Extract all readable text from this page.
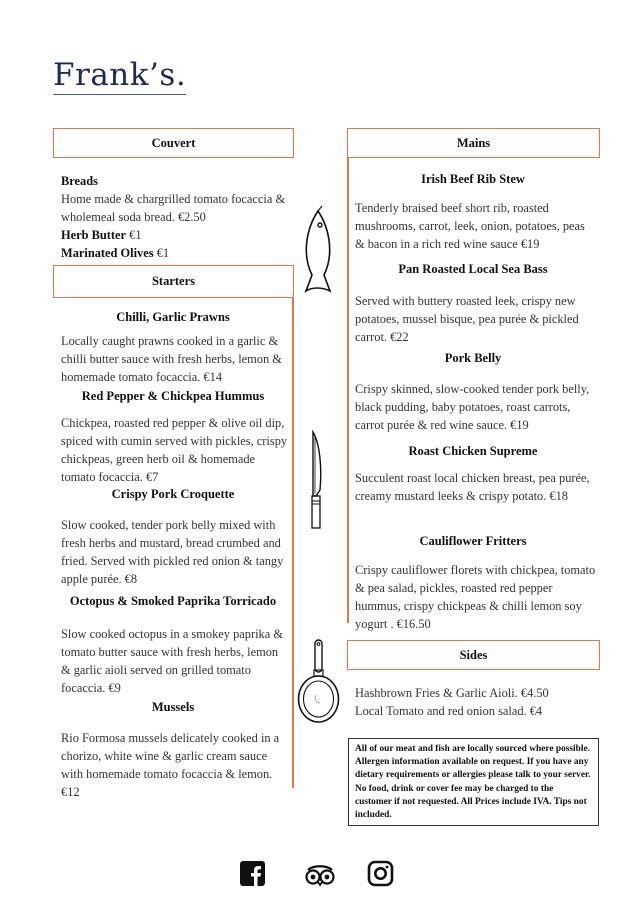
Frank’s.
Couvert
Breads
Home made & chargrilled tomato focaccia & wholemeal soda bread. €2.50
Herb Butter €1
Marinated Olives €1
Starters
Chilli, Garlic Prawns
Locally caught prawns cooked in a garlic & chilli butter sauce with fresh herbs, lemon & homemade tomato focaccia. €14
Red Pepper & Chickpea Hummus
Chickpea, roasted red pepper & olive oil dip, spiced with cumin served with pickles, crispy chickpeas, green herb oil & homemade tomato focaccia. €7
Crispy Pork Croquette
Slow cooked, tender pork belly mixed with fresh herbs and mustard, bread crumbed and fried. Served with pickled red onion & tangy apple purée. €8
Octopus & Smoked Paprika Torricado
Slow cooked octopus in a smokey paprika & tomato butter sauce with fresh herbs, lemon & garlic aioli served on grilled tomato focaccia. €9
Mussels
Rio Formosa mussels delicately cooked in a chorizo, white wine & garlic cream sauce with homemade tomato focaccia & lemon. €12
Mains
Irish Beef Rib Stew
Tenderly braised beef short rib, roasted mushrooms, carrot, leek, onion, potatoes, peas & bacon in a rich red wine sauce €19
Pan Roasted Local Sea Bass
Served with buttery roasted leek, crispy new potatoes, mussel bisque, pea purée & pickled carrot. €22
Pork Belly
Crispy skinned, slow-cooked tender pork belly, black pudding, baby potatoes, roast carrots, carrot purée & red wine sauce. €19
Roast Chicken Supreme
Succulent roast local chicken breast, pea purée, creamy mustard leeks & crispy potato. €18
Cauliflower Fritters
Crispy cauliflower florets with chickpea, tomato & pea salad, pickles, roasted red pepper hummus, crispy chickpeas & chilli lemon soy yogurt . €16.50
Sides
Hashbrown Fries & Garlic Aioli. €4.50
Local Tomato and red onion salad. €4
All of our meat and fish are locally sourced where possible. Allergen information available on request. If you have any dietary requirements or allergies please talk to your server. No food, drink or cover fee may be charged to the customer if not requested. All Prices include IVA. Tips not included.
